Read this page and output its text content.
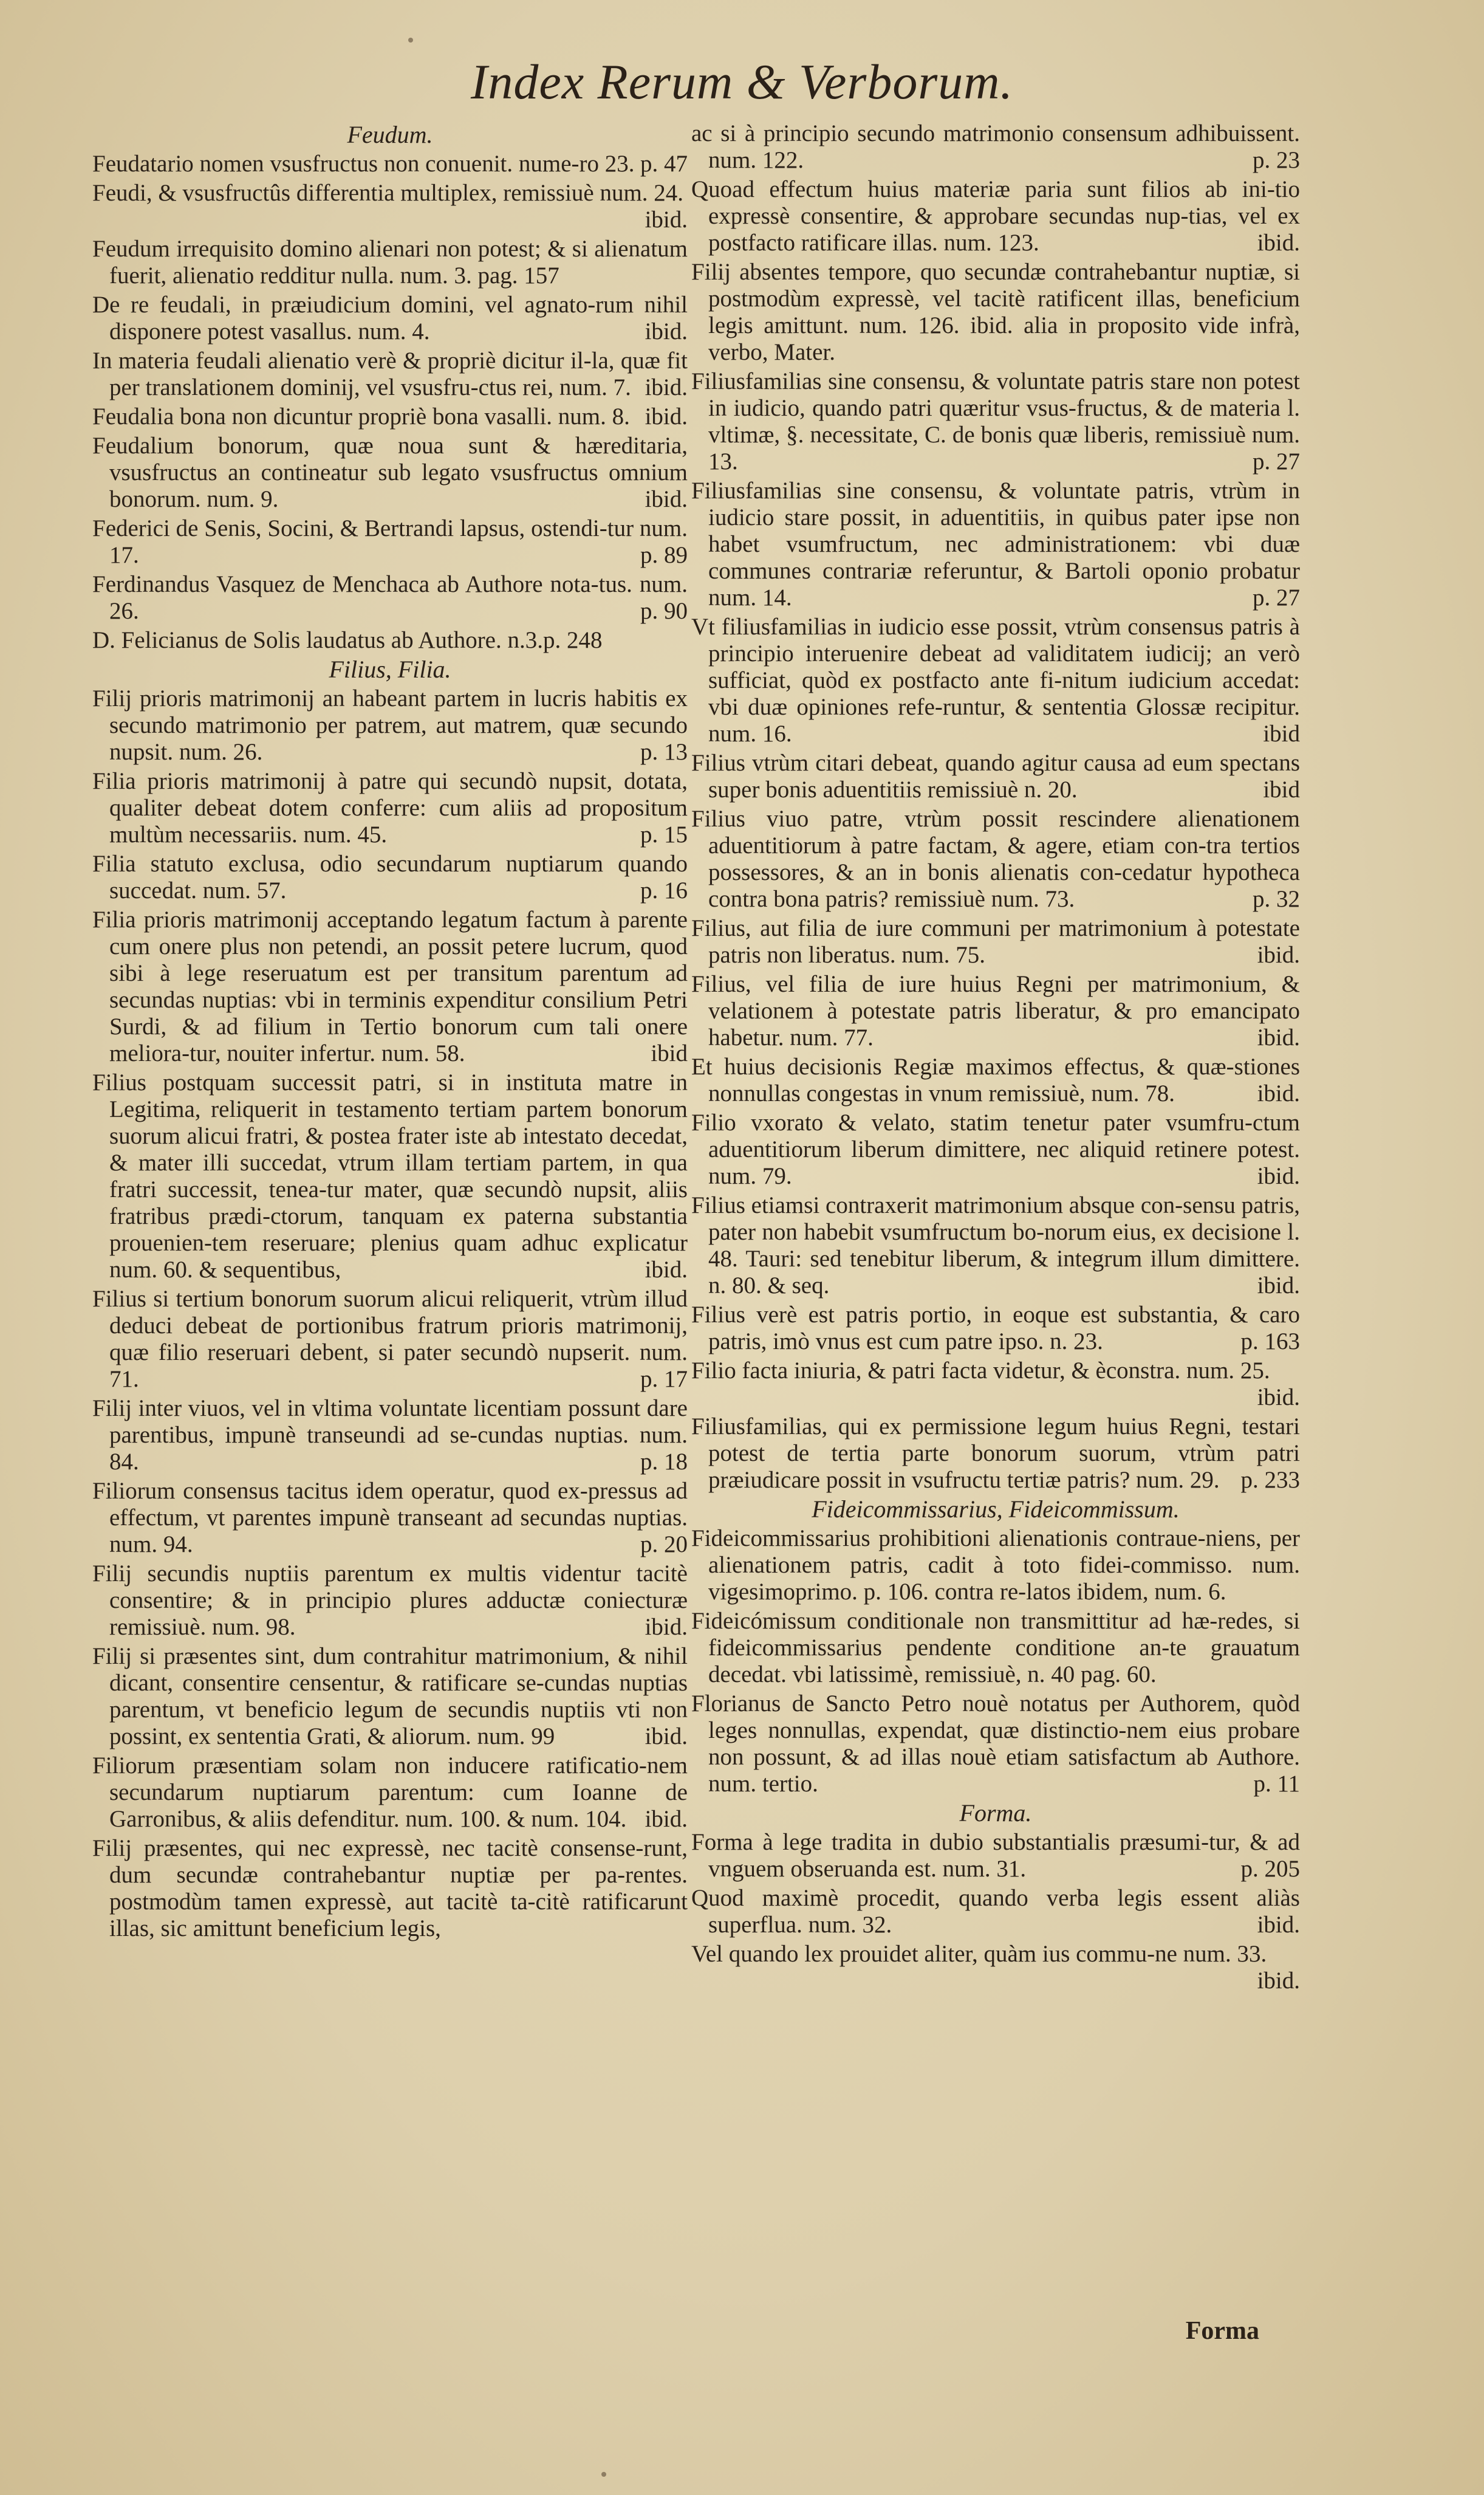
Index Rerum & Verborum.
Feudum.
Feudatario nomen vsusfructus non conuenit. nume-ro 23. p. 47
Feudi, & vsusfructûs differentia multiplex, remissiuè num. 24.
ibid.
Feudum irrequisito domino alienari non potest; & si alienatum fuerit, alienatio redditur nulla. num. 3. pag. 157
De re feudali, in præiudicium domini, vel agnato-rum nihil disponere potest vasallus. num. 4.	ibid.
In materia feudali alienatio verè & propriè dicitur il-la, quæ fit per translationem dominij, vel vsusfru-ctus rei, num. 7. ibid.
Feudalia bona non dicuntur propriè bona vasalli. num. 8. ibid.
Feudalium bonorum, quæ noua sunt & hæreditaria, vsusfructus an contineatur sub legato vsusfructus omnium bonorum. num. 9.	ibid.
Federici de Senis, Socini, & Bertrandi lapsus, ostendi-tur num. 17.	p. 89
Ferdinandus Vasquez de Menchaca ab Authore nota-tus. num. 26.	p. 90
D. Felicianus de Solis laudatus ab Authore. n.3.p. 248
Filius, Filia.
Filij prioris matrimonij an habeant partem in lucris habitis ex secundo matrimonio per patrem, aut matrem, quæ secundo nupsit. num. 26.	p. 13
Filia prioris matrimonij à patre qui secundò nupsit, dotata, qualiter debeat dotem conferre: cum aliis ad propositum multùm necessariis. num. 45.	p. 15
Filia statuto exclusa, odio secundarum nuptiarum quando succedat. num. 57.	p. 16
Filia prioris matrimonij acceptando legatum factum à parente cum onere plus non petendi, an possit petere lucrum, quod sibi à lege reseruatum est per transitum parentum ad secundas nuptias: vbi in terminis expenditur consilium Petri Surdi, & ad filium in Tertio bonorum cum tali onere meliora-tur, nouiter infertur. num. 58.	ibid
Filius postquam successit patri, si in instituta matre in Legitima, reliquerit in testamento tertiam partem bonorum suorum alicui fratri, & postea frater iste ab intestato decedat, & mater illi succedat, vtrum illam tertiam partem, in qua fratri successit, tenea-tur mater, quæ secundò nupsit, aliis fratribus prædi-ctorum, tanquam ex paterna substantia prouenien-tem reseruare; plenius quam adhuc explicatur num. 60. & sequentibus,	ibid.
Filius si tertium bonorum suorum alicui reliquerit, vtrùm illud deduci debeat de portionibus fratrum prioris matrimonij, quæ filio reseruari debent, si pater secundò nupserit. num. 71.	p. 17
Filij inter viuos, vel in vltima voluntate licentiam possunt dare parentibus, impunè transeundi ad se-cundas nuptias. num. 84.	p. 18
Filiorum consensus tacitus idem operatur, quod ex-pressus ad effectum, vt parentes impunè transeant ad secundas nuptias. num. 94.	p. 20
Filij secundis nuptiis parentum ex multis videntur tacitè consentire; & in principio plures adductæ coniecturæ remissiuè. num. 98.	ibid.
Filij si præsentes sint, dum contrahitur matrimonium, & nihil dicant, consentire censentur, & ratificare se-cundas nuptias parentum, vt beneficio legum de secundis nuptiis vti non possint, ex sententia Grati, & aliorum. num. 99	ibid.
Filiorum præsentiam solam non inducere ratificatio-nem secundarum nuptiarum parentum: cum Ioanne de Garronibus, & aliis defenditur. num. 100. & num. 104. ibid.
Filij præsentes, qui nec expressè, nec tacitè consense-runt, dum secundæ contrahebantur nuptiæ per pa-rentes. postmodùm tamen expressè, aut tacitè ta-citè ratificarunt illas, sic amittunt beneficium legis,
ac si à principio secundo matrimonio consensum adhibuissent. num. 122.	p. 23
Quoad effectum huius materiæ paria sunt filios ab ini-tio expressè consentire, & approbare secundas nup-tias, vel ex postfacto ratificare illas. num. 123.	ibid.
Filij absentes tempore, quo secundæ contrahebantur nuptiæ, si postmodùm expressè, vel tacitè ratificent illas, beneficium legis amittunt. num. 126. ibid. alia in proposito vide infrà, verbo, Mater.
Filiusfamilias sine consensu, & voluntate patris stare non potest in iudicio, quando patri quæritur vsus-fructus, & de materia l. vltimæ, §. necessitate, C. de bonis quæ liberis, remissiuè num. 13.	p. 27
Filiusfamilias sine consensu, & voluntate patris, vtrùm in iudicio stare possit, in aduentitiis, in quibus pater ipse non habet vsumfructum, nec administrationem: vbi duæ communes contrariæ referuntur, & Bartoli oponio probatur num. 14.	p. 27
Vt filiusfamilias in iudicio esse possit, vtrùm consensus patris à principio interuenire debeat ad validitatem iudicij; an verò sufficiat, quòd ex postfacto ante fi-nitum iudicium accedat: vbi duæ opiniones refe-runtur, & sententia Glossæ recipitur. num. 16.	ibid
Filius vtrùm citari debeat, quando agitur causa ad eum spectans super bonis aduentitiis remissiuè n. 20.	ibid
Filius viuo patre, vtrùm possit rescindere alienationem aduentitiorum à patre factam, & agere, etiam con-tra tertios possessores, & an in bonis alienatis con-cedatur hypotheca contra bona patris? remissiuè num. 73.	p. 32
Filius, aut filia de iure communi per matrimonium à potestate patris non liberatus. num. 75.	ibid.
Filius, vel filia de iure huius Regni per matrimonium, & velationem à potestate patris liberatur, & pro emancipato habetur. num. 77.	ibid.
Et huius decisionis Regiæ maximos effectus, & quæ-stiones nonnullas congestas in vnum remissiuè, num. 78.	ibid.
Filio vxorato & velato, statim tenetur pater vsumfru-ctum aduentitiorum liberum dimittere, nec aliquid retinere potest. num. 79.	ibid.
Filius etiamsi contraxerit matrimonium absque con-sensu patris, pater non habebit vsumfructum bo-norum eius, ex decisione l. 48. Tauri: sed tenebitur liberum, & integrum illum dimittere. n. 80. & seq.	ibid.
Filius verè est patris portio, in eoque est substantia, & caro patris, imò vnus est cum patre ipso. n. 23.	p. 163
Filio facta iniuria, & patri facta videtur, & èconstra. num. 25.
ibid.
Filiusfamilias, qui ex permissione legum huius Regni, testari potest de tertia parte bonorum suorum, vtrùm patri præiudicare possit in vsufructu tertiæ patris? num. 29. p. 233
Fideicommissarius, Fideicommissum.
Fideicommissarius prohibitioni alienationis contraue-niens, per alienationem patris, cadit à toto fidei-commisso. num. vigesimoprimo. p. 106. contra re-latos ibidem, num. 6.
Fideicómissum conditionale non transmittitur ad hæ-redes, si fideicommissarius pendente conditione an-te grauatum decedat. vbi latissimè, remissiuè, n. 40 pag. 60.
Florianus de Sancto Petro nouè notatus per Authorem, quòd leges nonnullas, expendat, quæ distinctio-nem eius probare non possunt, & ad illas nouè etiam satisfactum ab Authore. num. tertio.	p. 11
Forma.
Forma à lege tradita in dubio substantialis præsumi-tur, & ad vnguem obseruanda est. num. 31.	p. 205
Quod maximè procedit, quando verba legis essent aliàs superflua. num. 32.	ibid.
Vel quando lex prouidet aliter, quàm ius commu-ne num. 33.
ibid.
Forma
